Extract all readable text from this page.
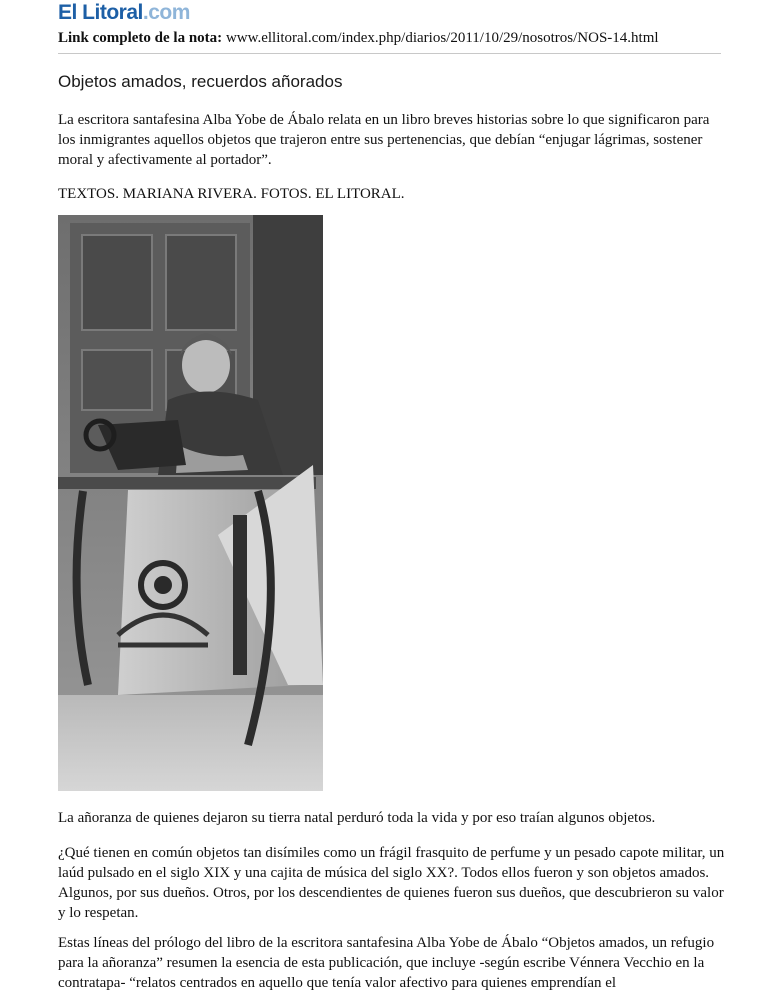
El Litoral.com
Link completo de la nota: www.ellitoral.com/index.php/diarios/2011/10/29/nosotros/NOS-14.html
Objetos amados, recuerdos añorados

La escritora santafesina Alba Yobe de Ábalo relata en un libro breves historias sobre lo que significaron para los inmigrantes aquellos objetos que trajeron entre sus pertenencias, que debían “enjugar lágrimas, sostener moral y afectivamente al portador”.

TEXTOS. MARIANA RIVERA. FOTOS. EL LITORAL.

La añoranza de quienes dejaron su tierra natal perduró toda la vida y por eso traían algunos objetos.

¿Qué tienen en común objetos tan disímiles como un frágil frasquito de perfume y un pesado capote militar, un laúd pulsado en el siglo XIX y una cajita de música del siglo XX?. Todos ellos fueron y son objetos amados. Algunos, por sus dueños. Otros, por los descendientes de quienes fueron sus dueños, que descubrieron su valor y lo respetan.

Estas líneas del prólogo del libro de la escritora santafesina Alba Yobe de Ábalo “Objetos amados, un refugio para la añoranza” resumen la esencia de esta publicación, que incluye -según escribe Vénnera Vecchio en la contratapa- “relatos centrados en aquello que tenía valor afectivo para quienes emprendían el
